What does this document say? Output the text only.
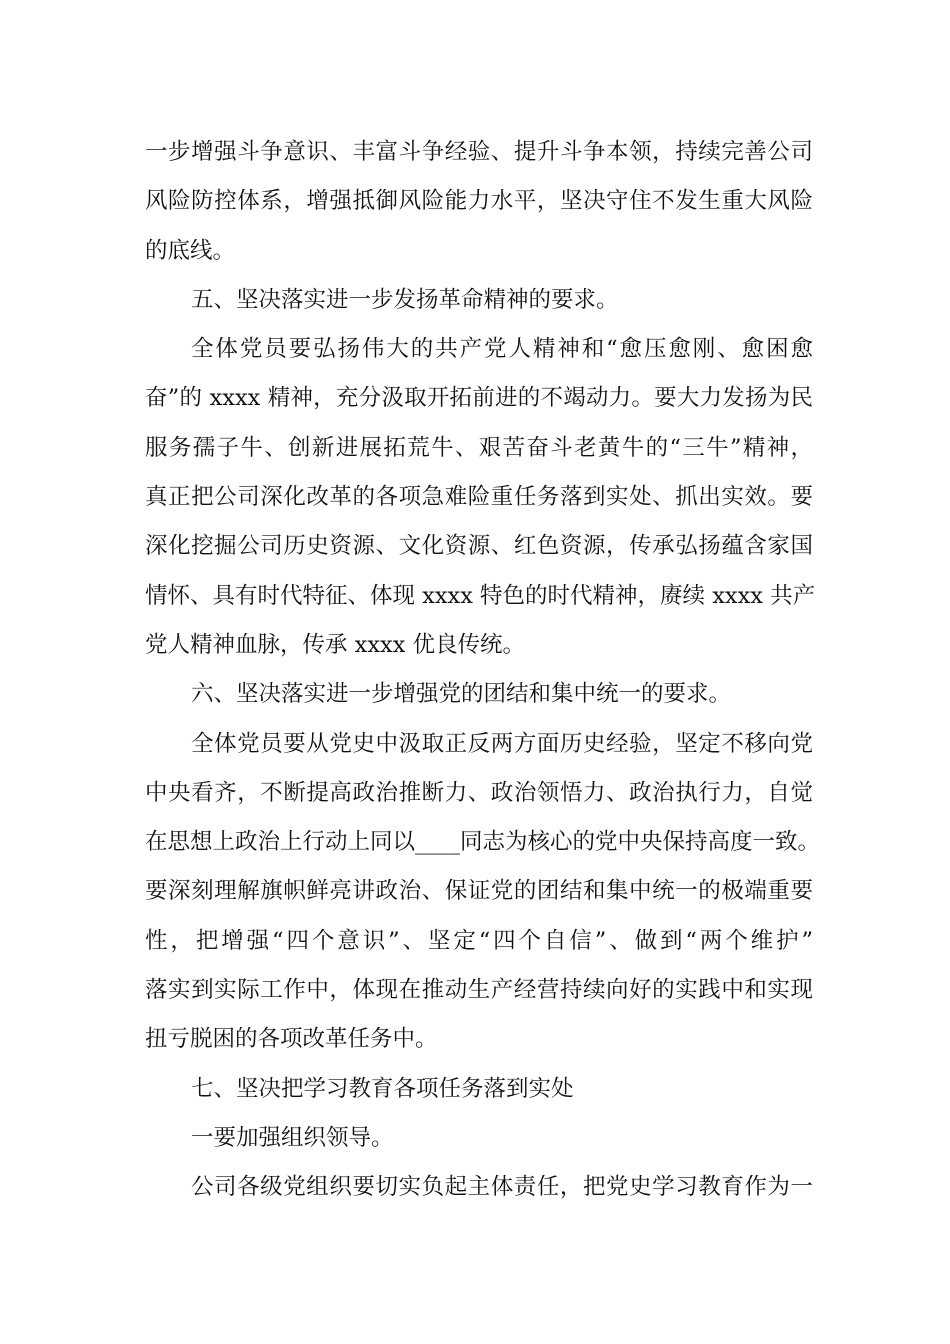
一步增强斗争意识、丰富斗争经验、提升斗争本领，持续完善公司
风险防控体系，增强抵御风险能力水平，坚决守住不发生重大风险
的底线。
五、坚决落实进一步发扬革命精神的要求。
全体党员要弘扬伟大的共产党人精神和“愈压愈刚、愈困愈
奋”的 xxxx 精神，充分汲取开拓前进的不竭动力。要大力发扬为民
服务孺子牛、创新进展拓荒牛、艰苦奋斗老黄牛的“三牛”精神，
真正把公司深化改革的各项急难险重任务落到实处、抓出实效。要
深化挖掘公司历史资源、文化资源、红色资源，传承弘扬蕴含家国
情怀、具有时代特征、体现 xxxx 特色的时代精神，赓续 xxxx 共产
党人精神血脉，传承 xxxx 优良传统。
六、坚决落实进一步增强党的团结和集中统一的要求。
全体党员要从党史中汲取正反两方面历史经验，坚定不移向党
中央看齐，不断提高政治推断力、政治领悟力、政治执行力，自觉
在思想上政治上行动上同以____同志为核心的党中央保持高度一致。
要深刻理解旗帜鲜亮讲政治、保证党的团结和集中统一的极端重要
性，把增强“四个意识”、坚定“四个自信”、做到“两个维护”
落实到实际工作中，体现在推动生产经营持续向好的实践中和实现
扭亏脱困的各项改革任务中。
七、坚决把学习教育各项任务落到实处
一要加强组织领导。
公司各级党组织要切实负起主体责任，把党史学习教育作为一
